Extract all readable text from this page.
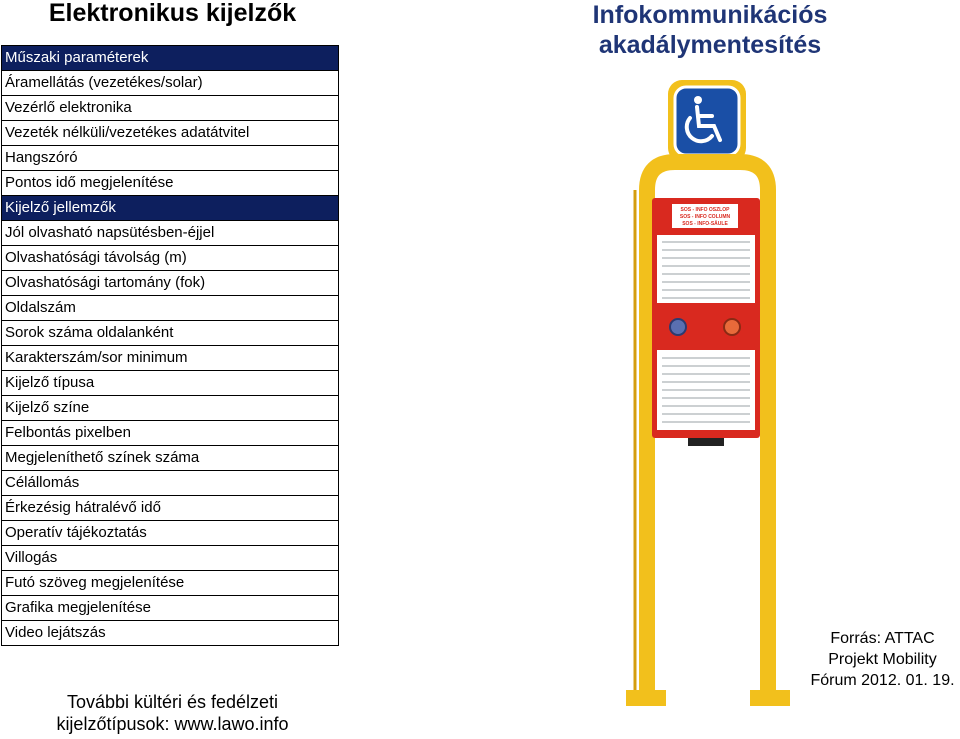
Elektronikus kijelzők
Műszaki paraméterek
Áramellátás (vezetékes/solar)
Vezérlő elektronika
Vezeték nélküli/vezetékes adatátvitel
Hangszóró
Pontos idő megjelenítése
Kijelző jellemzők
Jól olvasható napsütésben-éjjel
Olvashatósági távolság (m)
Olvashatósági tartomány (fok)
Oldalszám
Sorok száma oldalanként
Karakterszám/sor minimum
Kijelző típusa
Kijelző színe
Felbontás pixelben
Megjeleníthető színek száma
Célállomás
Érkezésig hátralévő idő
Operatív tájékoztatás
Villogás
Futó szöveg megjelenítése
Grafika megjelenítése
Video lejátszás
További kültéri és fedélzeti
kijelzőtípusok: www.lawo.info
Infokommunikációs
akadálymentesítés
SOS - INFO OSZLOP
SOS - INFO COLUMN
SOS - INFO-SÄULE
Forrás: ATTAC
Projekt Mobility
Fórum 2012. 01. 19.
